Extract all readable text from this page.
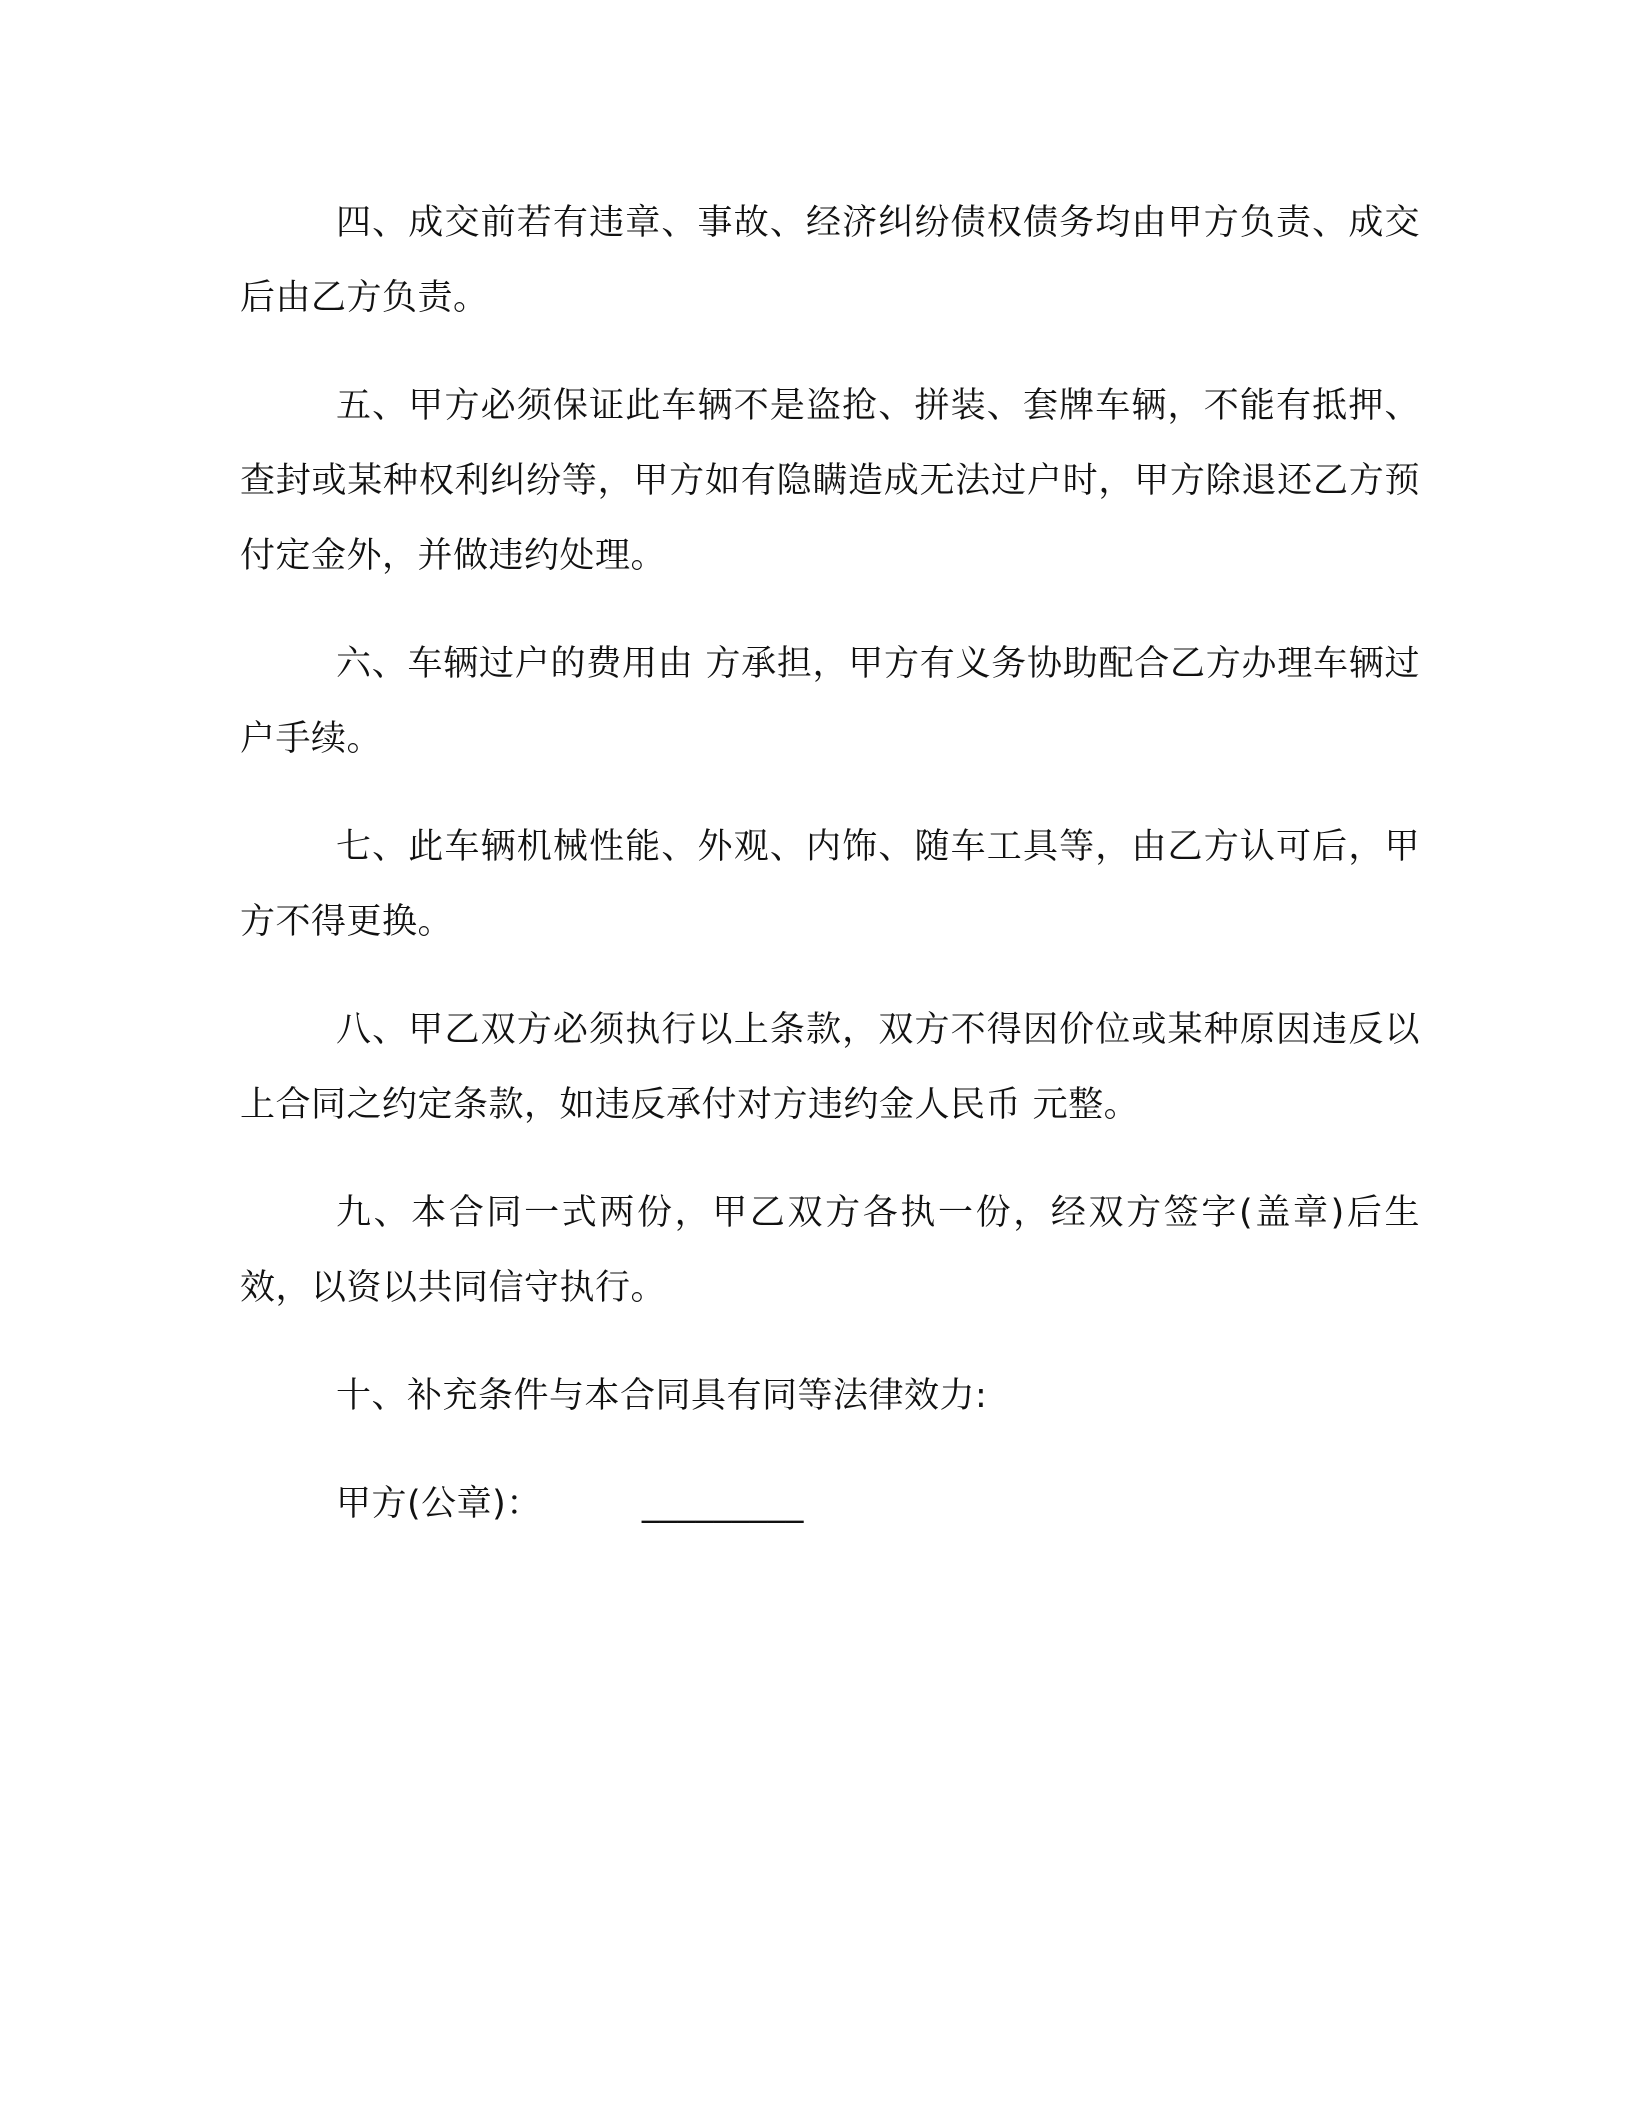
四、成交前若有违章、事故、经济纠纷债权债务均由甲方负责、成交后由乙方负责。

五、甲方必须保证此车辆不是盗抢、拼装、套牌车辆，不能有抵押、查封或某种权利纠纷等，甲方如有隐瞒造成无法过户时，甲方除退还乙方预付定金外，并做违约处理。

六、车辆过户的费用由 方承担，甲方有义务协助配合乙方办理车辆过户手续。

七、此车辆机械性能、外观、内饰、随车工具等，由乙方认可后，甲方不得更换。

八、甲乙双方必须执行以上条款，双方不得因价位或某种原因违反以上合同之约定条款，如违反承付对方违约金人民币 元整。

九、本合同一式两份，甲乙双方各执一份，经双方签字(盖章)后生效，以资以共同信守执行。

十、补充条件与本合同具有同等法律效力:

甲方(公章)：	_________
